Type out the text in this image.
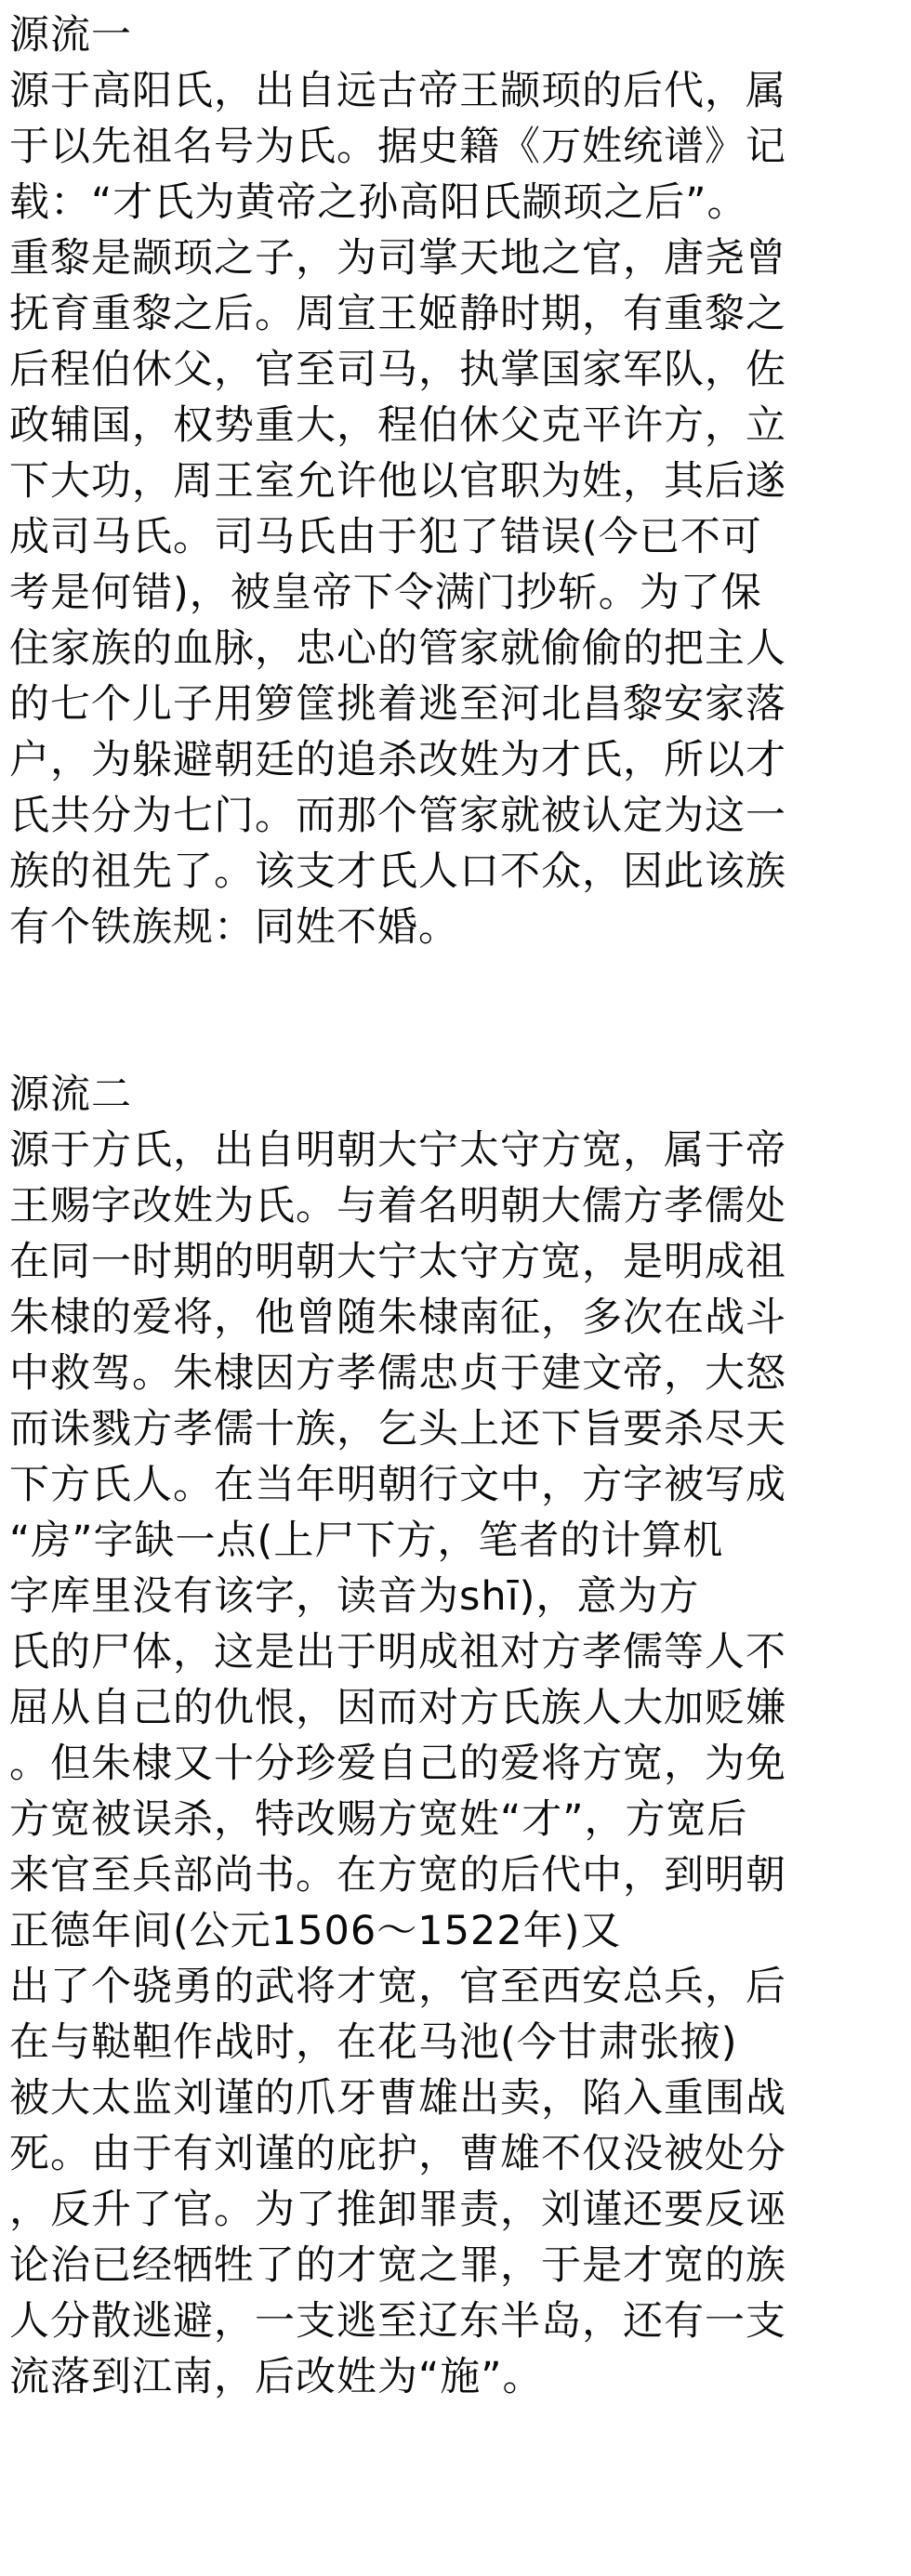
源流一
源于高阳氏，出自远古帝王颛顼的后代，属
于以先祖名号为氏。据史籍《万姓统谱》记
载：“才氏为黄帝之孙高阳氏颛顼之后”。
重黎是颛顼之子，为司掌天地之官，唐尧曾
抚育重黎之后。周宣王姬静时期，有重黎之
后程伯休父，官至司马，执掌国家军队，佐
政辅国，权势重大，程伯休父克平许方，立
下大功，周王室允许他以官职为姓，其后遂
成司马氏。司马氏由于犯了错误(今已不可
考是何错)，被皇帝下令满门抄斩。为了保
住家族的血脉，忠心的管家就偷偷的把主人
的七个儿子用箩筐挑着逃至河北昌黎安家落
户，为躲避朝廷的追杀改姓为才氏，所以才
氏共分为七门。而那个管家就被认定为这一
族的祖先了。该支才氏人口不众，因此该族
有个铁族规：同姓不婚。
源流二
源于方氏，出自明朝大宁太守方宽，属于帝
王赐字改姓为氏。与着名明朝大儒方孝儒处
在同一时期的明朝大宁太守方宽，是明成祖
朱棣的爱将，他曾随朱棣南征，多次在战斗
中救驾。朱棣因方孝儒忠贞于建文帝，大怒
而诛戮方孝儒十族，乞头上还下旨要杀尽天
下方氏人。在当年明朝行文中，方字被写成
“房”字缺一点(上尸下方，笔者的计算机
字库里没有该字，读音为shī)，意为方
氏的尸体，这是出于明成祖对方孝儒等人不
屈从自己的仇恨，因而对方氏族人大加贬嫌
。但朱棣又十分珍爱自己的爱将方宽，为免
方宽被误杀，特改赐方宽姓“才”，方宽后
来官至兵部尚书。在方宽的后代中，到明朝
正德年间(公元1506～1522年)又
出了个骁勇的武将才宽，官至西安总兵，后
在与鞑靼作战时，在花马池(今甘肃张掖)
被大太监刘谨的爪牙曹雄出卖，陷入重围战
死。由于有刘谨的庇护，曹雄不仅没被处分
，反升了官。为了推卸罪责，刘谨还要反诬
论治已经牺牲了的才宽之罪，于是才宽的族
人分散逃避，一支逃至辽东半岛，还有一支
流落到江南，后改姓为“施”。
